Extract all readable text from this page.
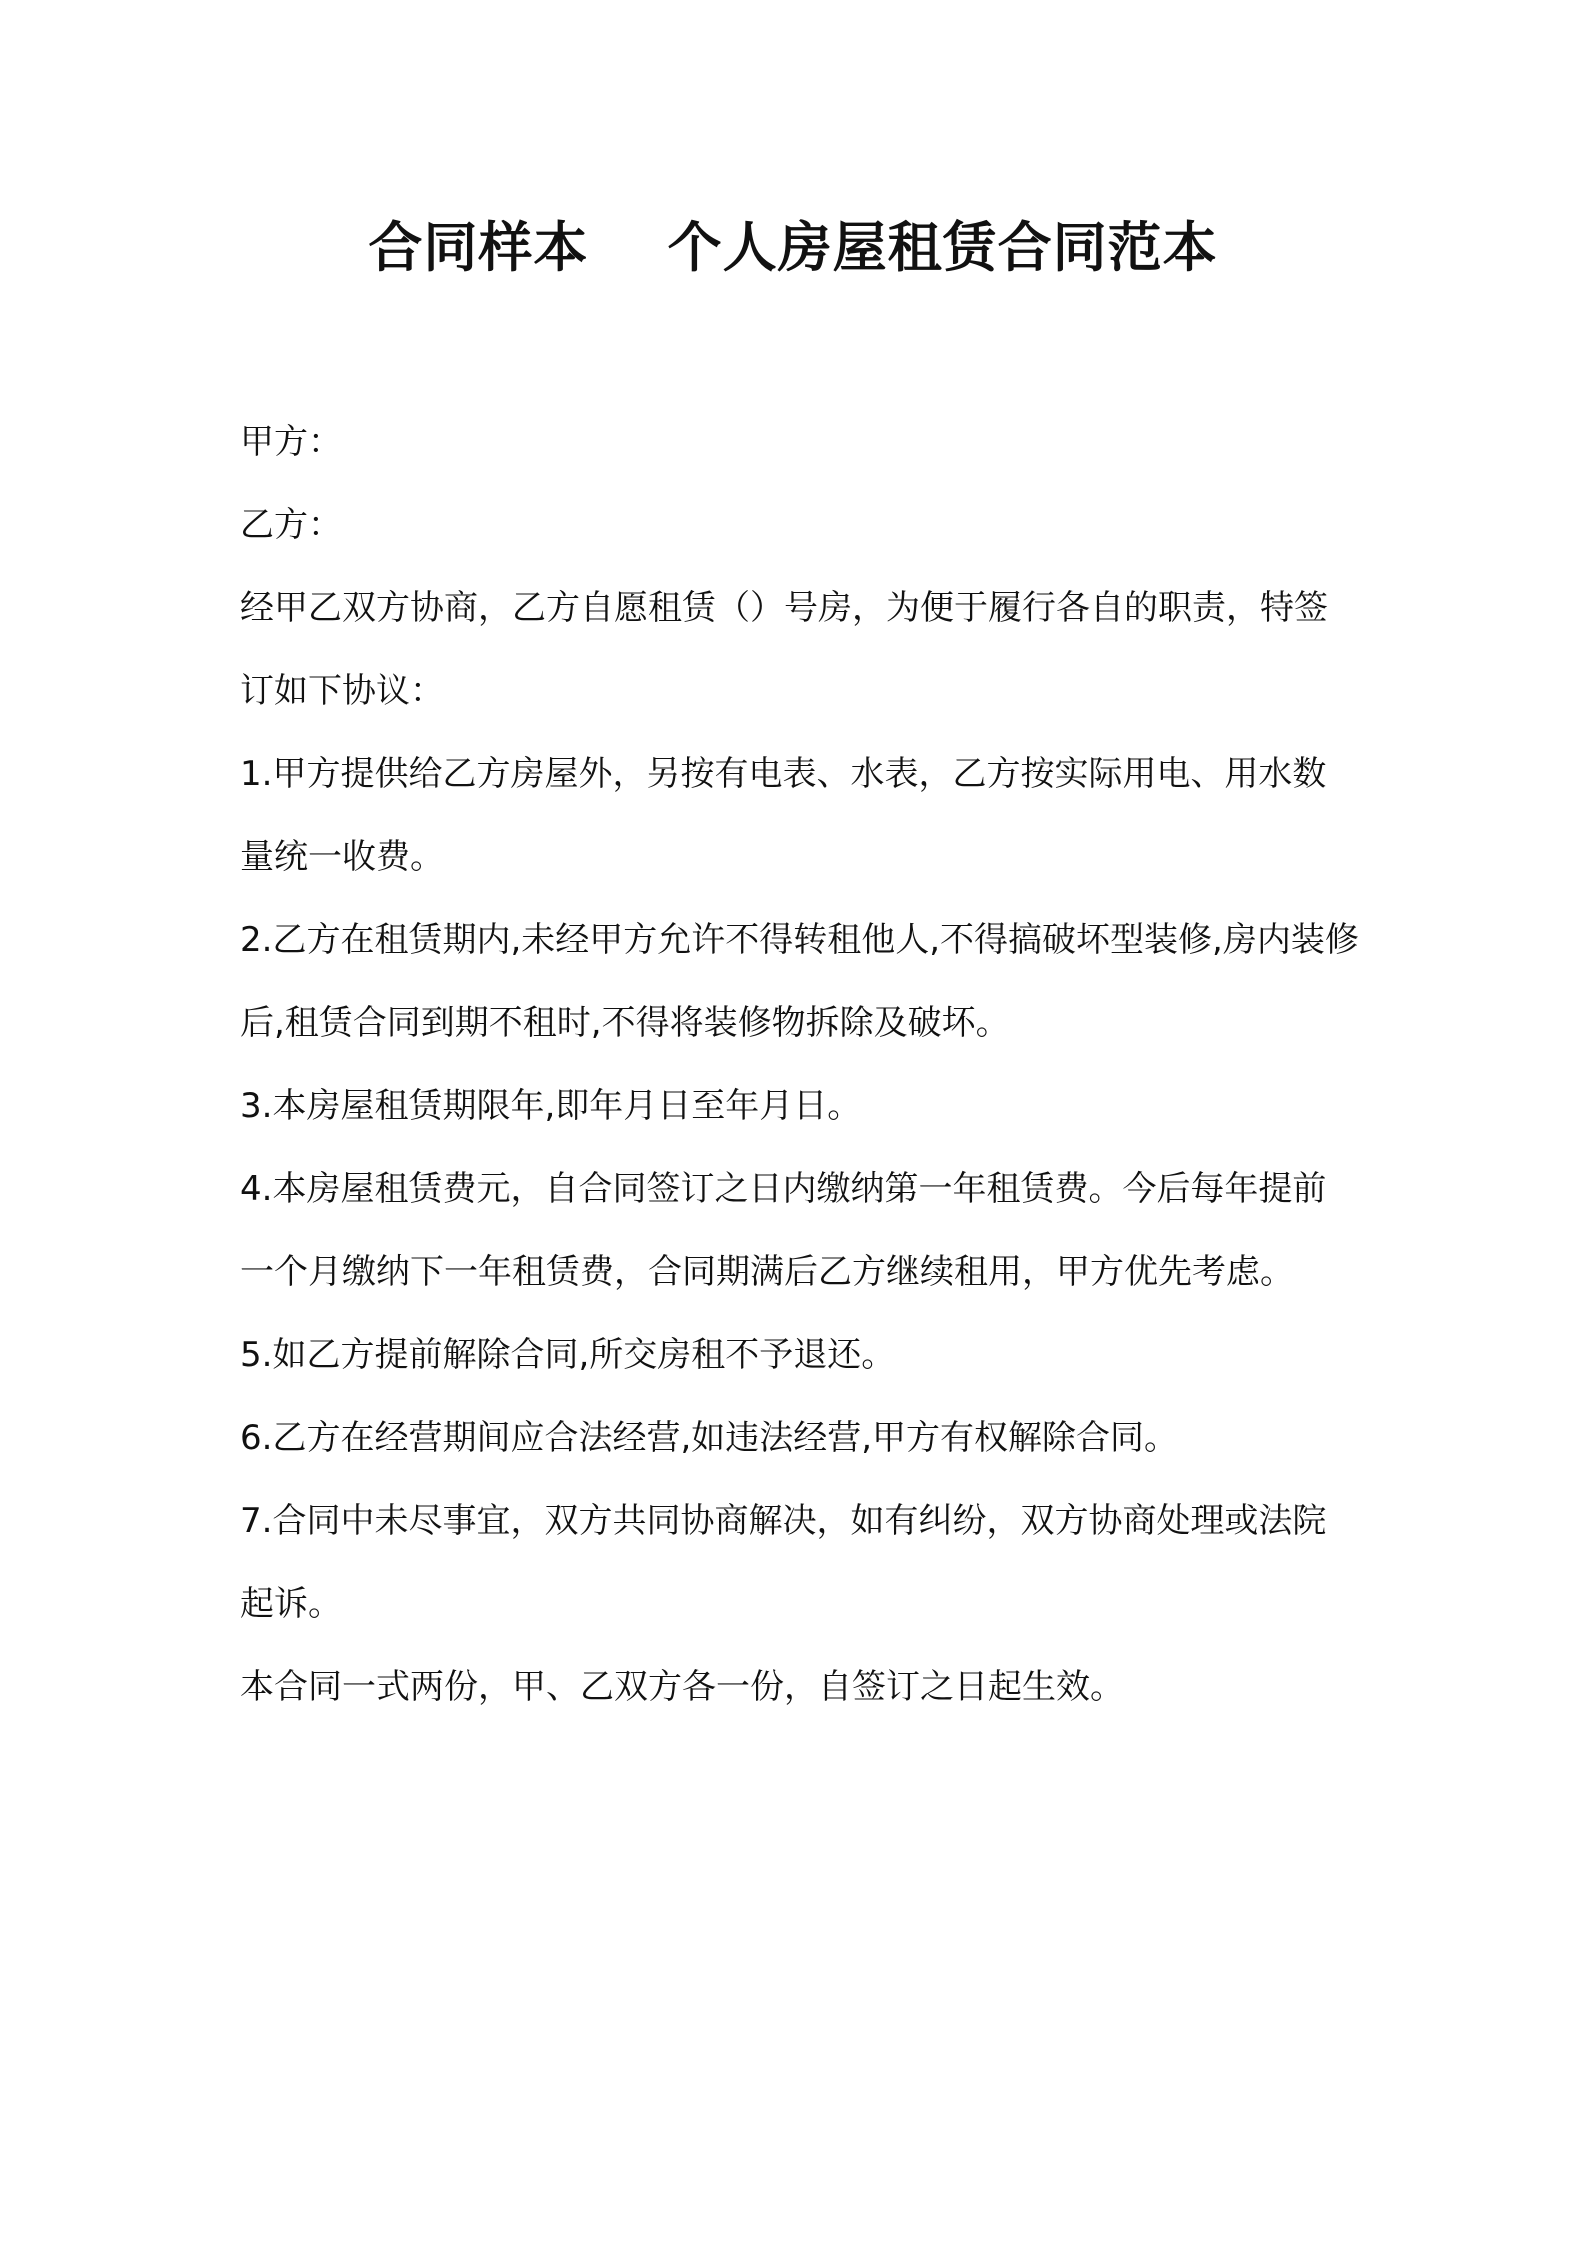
合同样本    个人房屋租赁合同范本

甲方：

乙方：

经甲乙双方协商，乙方自愿租赁（）号房，为便于履行各自的职责，特签订如下协议：

1.甲方提供给乙方房屋外，另按有电表、水表，乙方按实际用电、用水数量统一收费。

2.乙方在租赁期内,未经甲方允许不得转租他人,不得搞破坏型装修,房内装修后,租赁合同到期不租时,不得将装修物拆除及破坏。

3.本房屋租赁期限年,即年月日至年月日。

4.本房屋租赁费元，自合同签订之日内缴纳第一年租赁费。今后每年提前一个月缴纳下一年租赁费，合同期满后乙方继续租用，甲方优先考虑。

5.如乙方提前解除合同,所交房租不予退还。

6.乙方在经营期间应合法经营,如违法经营,甲方有权解除合同。

7.合同中未尽事宜，双方共同协商解决，如有纠纷，双方协商处理或法院起诉。

本合同一式两份，甲、乙双方各一份，自签订之日起生效。
